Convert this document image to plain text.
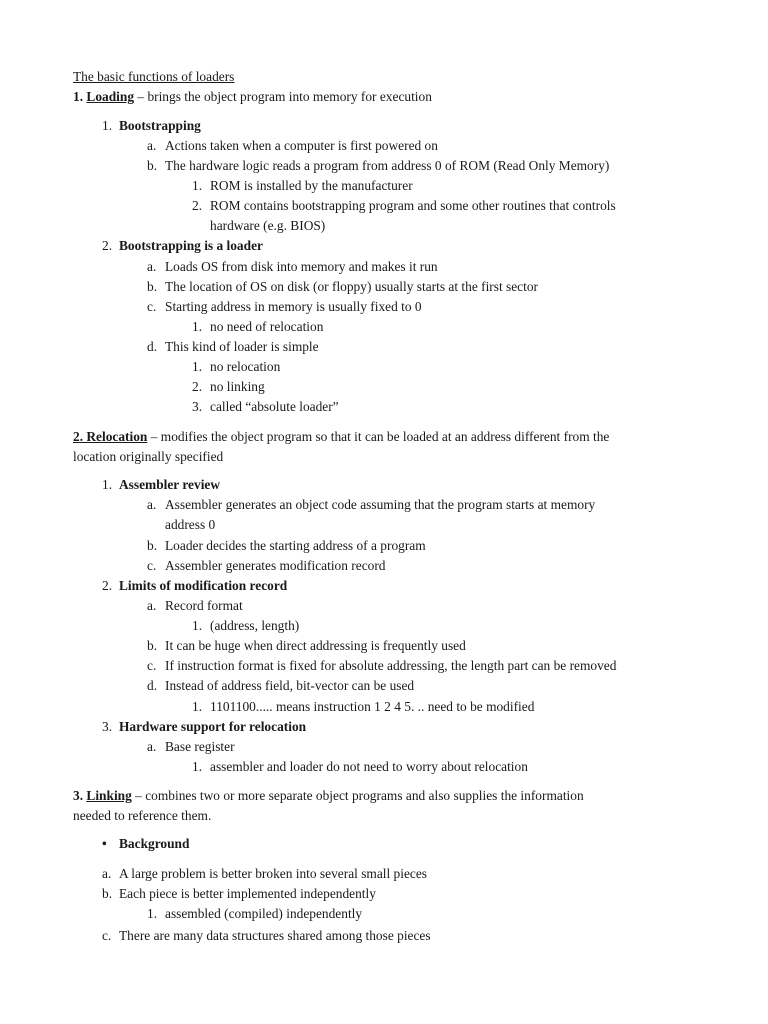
The basic functions of loaders
1. Loading – brings the object program into memory for execution
1. Bootstrapping
a. Actions taken when a computer is first powered on
b. The hardware logic reads a program from address 0 of ROM (Read Only Memory)
1. ROM is installed by the manufacturer
2. ROM contains bootstrapping program and some other routines that controls
hardware (e.g. BIOS)
2. Bootstrapping is a loader
a. Loads OS from disk into memory and makes it run
b. The location of OS on disk (or floppy) usually starts at the first sector
c. Starting address in memory is usually fixed to 0
1. no need of relocation
d. This kind of loader is simple
1. no relocation
2. no linking
3. called “absolute loader”
2. Relocation – modifies the object program so that it can be loaded at an address different from the
location originally specified
1. Assembler review
a. Assembler generates an object code assuming that the program starts at memory
address 0
b. Loader decides the starting address of a program
c. Assembler generates modification record
2. Limits of modification record
a. Record format
1. (address, length)
b. It can be huge when direct addressing is frequently used
c. If instruction format is fixed for absolute addressing, the length part can be removed
d. Instead of address field, bit-vector can be used
1. 1101100..... means instruction 1 2 4 5. .. need to be modified
3. Hardware support for relocation
a. Base register
1. assembler and loader do not need to worry about relocation
3. Linking – combines two or more separate object programs and also supplies the information
needed to reference them.
• Background
a. A large problem is better broken into several small pieces
b. Each piece is better implemented independently
1. assembled (compiled) independently
c. There are many data structures shared among those pieces
